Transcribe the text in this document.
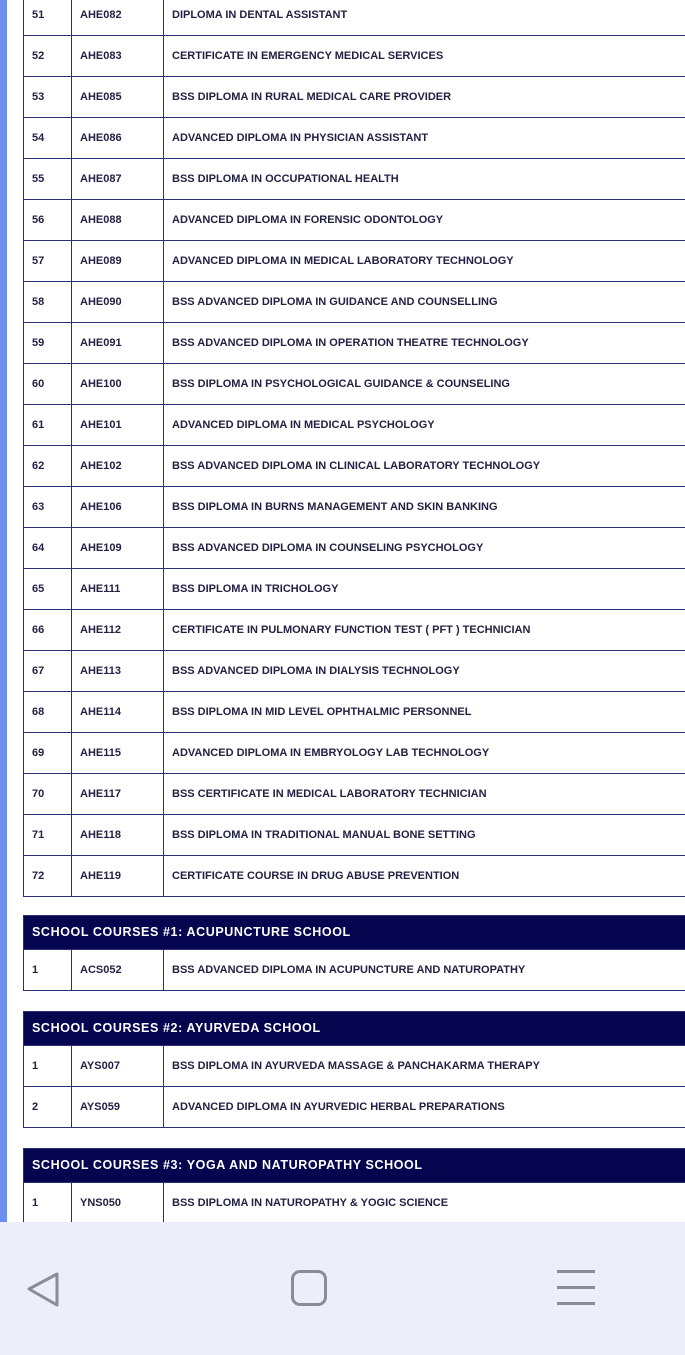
51	AHE082	DIPLOMA IN DENTAL ASSISTANT
52	AHE083	CERTIFICATE IN EMERGENCY MEDICAL SERVICES
53	AHE085	BSS DIPLOMA IN RURAL MEDICAL CARE PROVIDER
54	AHE086	ADVANCED DIPLOMA IN PHYSICIAN ASSISTANT
55	AHE087	BSS DIPLOMA IN OCCUPATIONAL HEALTH
56	AHE088	ADVANCED DIPLOMA IN FORENSIC ODONTOLOGY
57	AHE089	ADVANCED DIPLOMA IN MEDICAL LABORATORY TECHNOLOGY
58	AHE090	BSS ADVANCED DIPLOMA IN GUIDANCE AND COUNSELLING
59	AHE091	BSS ADVANCED DIPLOMA IN OPERATION THEATRE TECHNOLOGY
60	AHE100	BSS DIPLOMA IN PSYCHOLOGICAL GUIDANCE & COUNSELING
61	AHE101	ADVANCED DIPLOMA IN MEDICAL PSYCHOLOGY
62	AHE102	BSS ADVANCED DIPLOMA IN CLINICAL LABORATORY TECHNOLOGY
63	AHE106	BSS DIPLOMA IN BURNS MANAGEMENT AND SKIN BANKING
64	AHE109	BSS ADVANCED DIPLOMA IN COUNSELING PSYCHOLOGY
65	AHE111	BSS DIPLOMA IN TRICHOLOGY
66	AHE112	CERTIFICATE IN PULMONARY FUNCTION TEST ( PFT ) TECHNICIAN
67	AHE113	BSS ADVANCED DIPLOMA IN DIALYSIS TECHNOLOGY
68	AHE114	BSS DIPLOMA IN MID LEVEL OPHTHALMIC PERSONNEL
69	AHE115	ADVANCED DIPLOMA IN EMBRYOLOGY LAB TECHNOLOGY
70	AHE117	BSS CERTIFICATE IN MEDICAL LABORATORY TECHNICIAN
71	AHE118	BSS DIPLOMA IN TRADITIONAL MANUAL BONE SETTING
72	AHE119	CERTIFICATE COURSE IN DRUG ABUSE PREVENTION
SCHOOL COURSES #1: ACUPUNCTURE SCHOOL
1	ACS052	BSS ADVANCED DIPLOMA IN ACUPUNCTURE AND NATUROPATHY
SCHOOL COURSES #2: AYURVEDA SCHOOL
1	AYS007	BSS DIPLOMA IN AYURVEDA MASSAGE & PANCHAKARMA THERAPY
2	AYS059	ADVANCED DIPLOMA IN AYURVEDIC HERBAL PREPARATIONS
SCHOOL COURSES #3: YOGA AND NATUROPATHY SCHOOL
1	YNS050	BSS DIPLOMA IN NATUROPATHY & YOGIC SCIENCE
